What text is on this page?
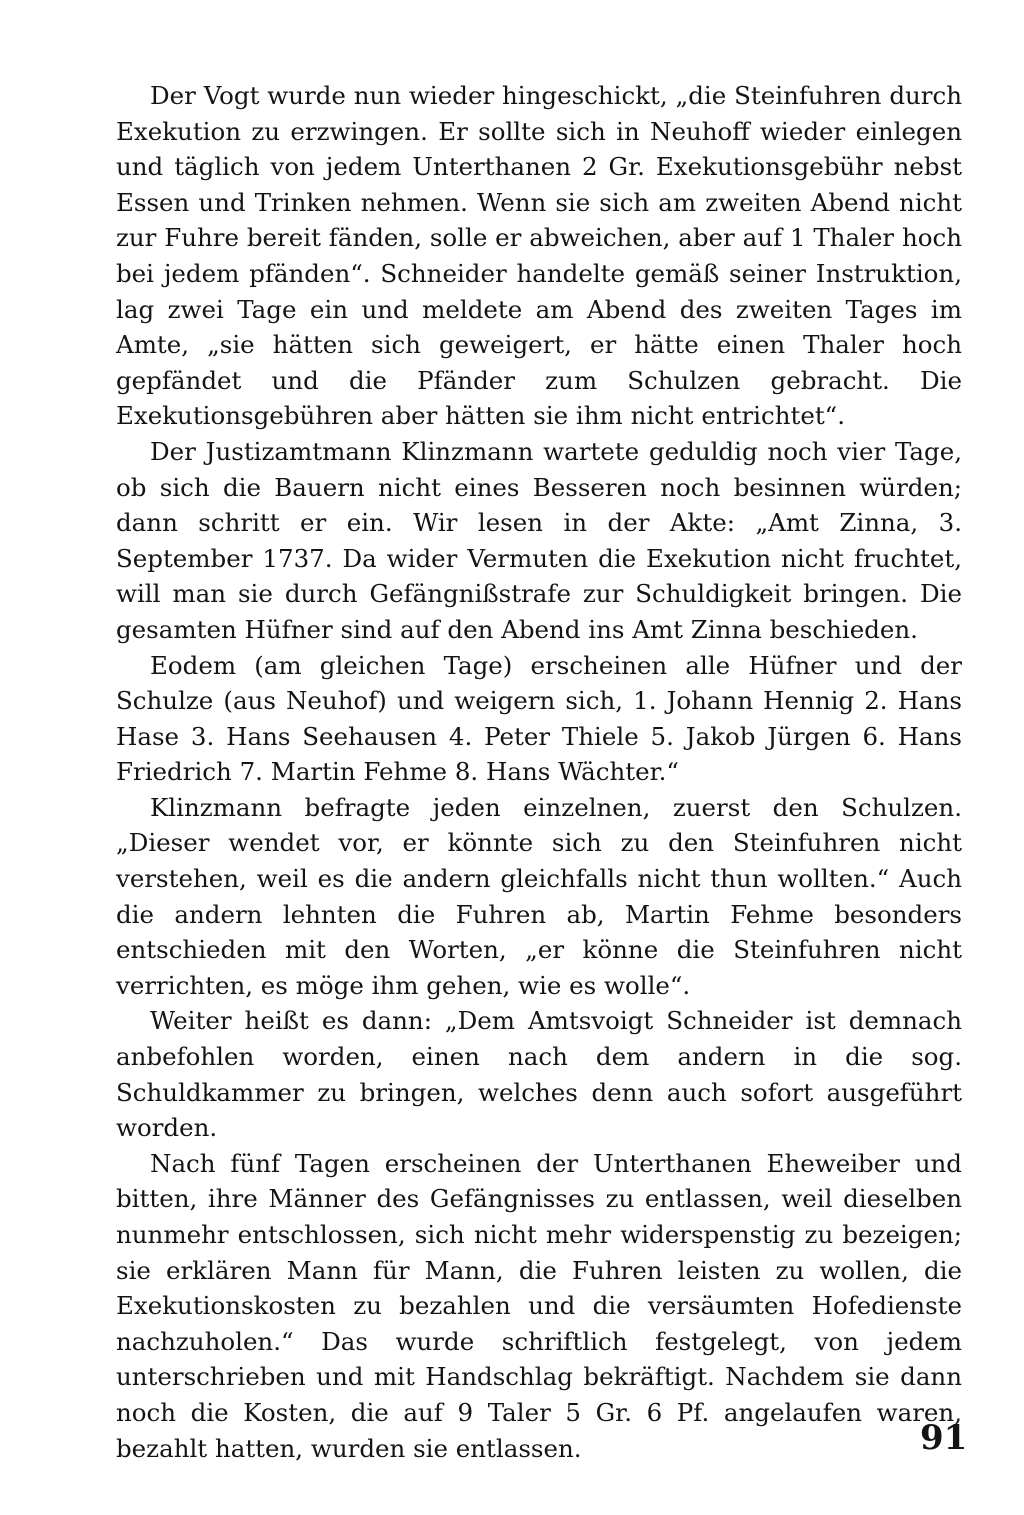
Der Vogt wurde nun wieder hingeschickt, „die Steinfuhren durch Exekution zu erzwingen. Er sollte sich in Neuhoff wieder einlegen und täglich von jedem Unterthanen 2 Gr. Exekutionsgebühr nebst Essen und Trinken nehmen. Wenn sie sich am zweiten Abend nicht zur Fuhre bereit fänden, solle er abweichen, aber auf 1 Thaler hoch bei jedem pfänden“. Schneider handelte gemäß seiner Instruktion, lag zwei Tage ein und meldete am Abend des zweiten Tages im Amte, „sie hätten sich geweigert, er hätte einen Thaler hoch gepfändet und die Pfänder zum Schulzen gebracht. Die Exekutionsgebühren aber hätten sie ihm nicht entrichtet“.

Der Justizamtmann Klinzmann wartete geduldig noch vier Tage, ob sich die Bauern nicht eines Besseren noch besinnen würden; dann schritt er ein. Wir lesen in der Akte: „Amt Zinna, 3. September 1737. Da wider Vermuten die Exekution nicht fruchtet, will man sie durch Gefängnißstrafe zur Schuldigkeit bringen. Die gesamten Hüfner sind auf den Abend ins Amt Zinna beschieden.

Eodem (am gleichen Tage) erscheinen alle Hüfner und der Schulze (aus Neuhof) und weigern sich, 1. Johann Hennig 2. Hans Hase 3. Hans Seehausen 4. Peter Thiele 5. Jakob Jürgen 6. Hans Friedrich 7. Martin Fehme 8. Hans Wächter.“

Klinzmann befragte jeden einzelnen, zuerst den Schulzen. „Dieser wendet vor, er könnte sich zu den Steinfuhren nicht verstehen, weil es die andern gleichfalls nicht thun wollten.“ Auch die andern lehnten die Fuhren ab, Martin Fehme besonders entschieden mit den Worten, „er könne die Steinfuhren nicht verrichten, es möge ihm gehen, wie es wolle“.

Weiter heißt es dann: „Dem Amtsvoigt Schneider ist demnach anbefohlen worden, einen nach dem andern in die sog. Schuldkammer zu bringen, welches denn auch sofort ausgeführt worden.

Nach fünf Tagen erscheinen der Unterthanen Eheweiber und bitten, ihre Männer des Gefängnisses zu entlassen, weil dieselben nunmehr entschlossen, sich nicht mehr widerspenstig zu bezeigen; sie erklären Mann für Mann, die Fuhren leisten zu wollen, die Exekutionskosten zu bezahlen und die versäumten Hofedienste nachzuholen.“ Das wurde schriftlich festgelegt, von jedem unterschrieben und mit Handschlag bekräftigt. Nachdem sie dann noch die Kosten, die auf 9 Taler 5 Gr. 6 Pf. angelaufen waren, bezahlt hatten, wurden sie entlassen.	91
